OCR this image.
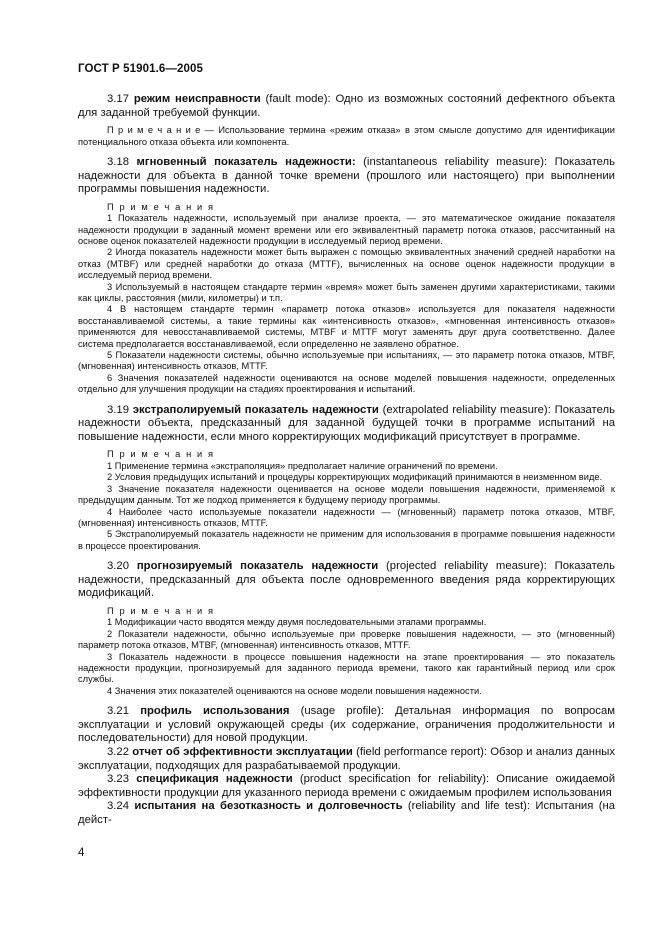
ГОСТ Р 51901.6—2005

3.17 режим неисправности (fault mode): Одно из возможных состояний дефектного объекта для заданной требуемой функции.

П р и м е ч а н и е — Использование термина «режим отказа» в этом смысле допустимо для идентификации потенциального отказа объекта или компонента.

3.18 мгновенный показатель надежности: (instantaneous reliability measure): Показатель надежности для объекта в данной точке времени (прошлого или настоящего) при выполнении программы повышения надежности.

П р и м е ч а н и я

1 Показатель надежности, используемый при анализе проекта, — это математическое ожидание показателя надежности продукции в заданный момент времени или его эквивалентный параметр потока отказов, рассчитанный на основе оценок показателей надежности продукции в исследуемый период времени.

2 Иногда показатель надежности может быть выражен с помощью эквивалентных значений средней наработки на отказ (MTBF) или средней наработки до отказа (MTTF), вычисленных на основе оценок надежности продукции в исследуемый период времени.

3 Используемый в настоящем стандарте термин «время» может быть заменен другими характеристиками, такими как циклы, расстояния (мили, километры) и т.п.

4 В настоящем стандарте термин «параметр потока отказов» используется для показателя надежности восстанавливаемой системы, а такие термины как «интенсивность отказов», «мгновенная интенсивность отказов» применяются для невосстанавливаемой системы, MTBF и MTTF могут заменять друг друга соответственно. Далее система предполагается восстанавливаемой, если определенно не заявлено обратное.

5 Показатели надежности системы, обычно используемые при испытаниях, — это параметр потока отказов, MTBF, (мгновенная) интенсивность отказов, MTTF.

6 Значения показателей надежности оцениваются на основе моделей повышения надежности, определенных отдельно для улучшения продукции на стадиях проектирования и испытаний.

3.19 экстраполируемый показатель надежности (extrapolated reliability measure): Показатель надежности объекта, предсказанный для заданной будущей точки в программе испытаний на повышение надежности, если много корректирующих модификаций присутствует в программе.

П р и м е ч а н и я

1 Применение термина «экстраполяция» предполагает наличие ограничений по времени.

2 Условия предыдущих испытаний и процедуры корректирующих модификаций принимаются в неизменном виде.

3 Значение показателя надежности оценивается на основе модели повышения надежности, применяемой к предыдущим данным. Тот же подход применяется к будущему периоду программы.

4 Наиболее часто используемые показатели надежности — (мгновенный) параметр потока отказов, MTBF, (мгновенная) интенсивность отказов, MTTF.

5 Экстраполируемый показатель надежности не применим для использования в программе повышения надежности в процессе проектирования.

3.20 прогнозируемый показатель надежности (projected reliability measure): Показатель надежности, предсказанный для объекта после одновременного введения ряда корректирующих модификаций.

П р и м е ч а н и я

1 Модификации часто вводятся между двумя последовательными этапами программы.

2 Показатели надежности, обычно используемые при проверке повышения надежности, — это (мгновенный) параметр потока отказов, MTBF, (мгновенная) интенсивность отказов, MTTF.

3 Показатель надежности в процессе повышения надежности на этапе проектирования — это показатель надежности продукции, прогнозируемый для заданного периода времени, такого как гарантийный период или срок службы.

4 Значения этих показателей оцениваются на основе модели повышения надежности.

3.21 профиль использования (usage profile): Детальная информация по вопросам эксплуатации и условий окружающей среды (их содержание, ограничения продолжительности и последовательности) для новой продукции.

3.22 отчет об эффективности эксплуатации (field performance report): Обзор и анализ данных эксплуатации, подходящих для разрабатываемой продукции.

3.23 спецификация надежности (product specification for reliability): Описание ожидаемой эффективности продукции для указанного периода времени с ожидаемым профилем использования

3.24 испытания на безотказность и долговечность (reliability and life test): Испытания (на дейст-

4
